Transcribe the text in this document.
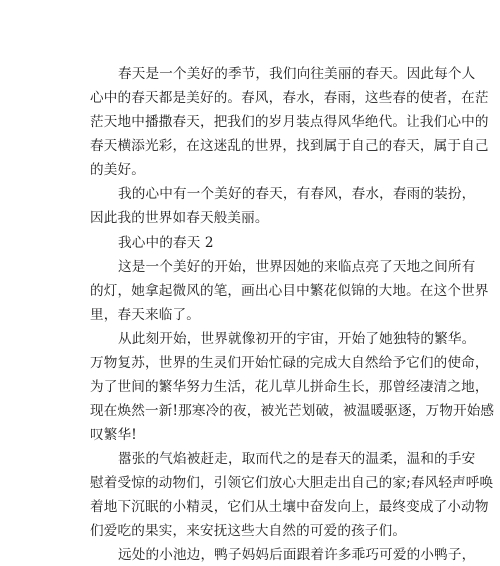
春天是一个美好的季节，我们向往美丽的春天。因此每个人
心中的春天都是美好的。春风，春水，春雨，这些春的使者，在茫
茫天地中播撒春天，把我们的岁月装点得风华绝代。让我们心中的
春天横添光彩，在这迷乱的世界，找到属于自己的春天，属于自己
的美好。
我的心中有一个美好的春天，有春风，春水，春雨的装扮，
因此我的世界如春天般美丽。
我心中的春天 2
这是一个美好的开始，世界因她的来临点亮了天地之间所有
的灯，她拿起微风的笔，画出心目中繁花似锦的大地。在这个世界
里，春天来临了。
从此刻开始，世界就像初开的宇宙，开始了她独特的繁华。
万物复苏，世界的生灵们开始忙碌的完成大自然给予它们的使命，
为了世间的繁华努力生活，花儿草儿拼命生长，那曾经凄清之地，
现在焕然一新!那寒冷的夜，被光芒划破，被温暖驱逐，万物开始感
叹繁华!
嚣张的气焰被赶走，取而代之的是春天的温柔，温和的手安
慰着受惊的动物们，引领它们放心大胆走出自己的家;春风轻声呼唤
着地下沉眠的小精灵，它们从土壤中奋发向上，最终变成了小动物
们爱吃的果实，来安抚这些大自然的可爱的孩子们。
远处的小池边，鸭子妈妈后面跟着许多乖巧可爱的小鸭子，
